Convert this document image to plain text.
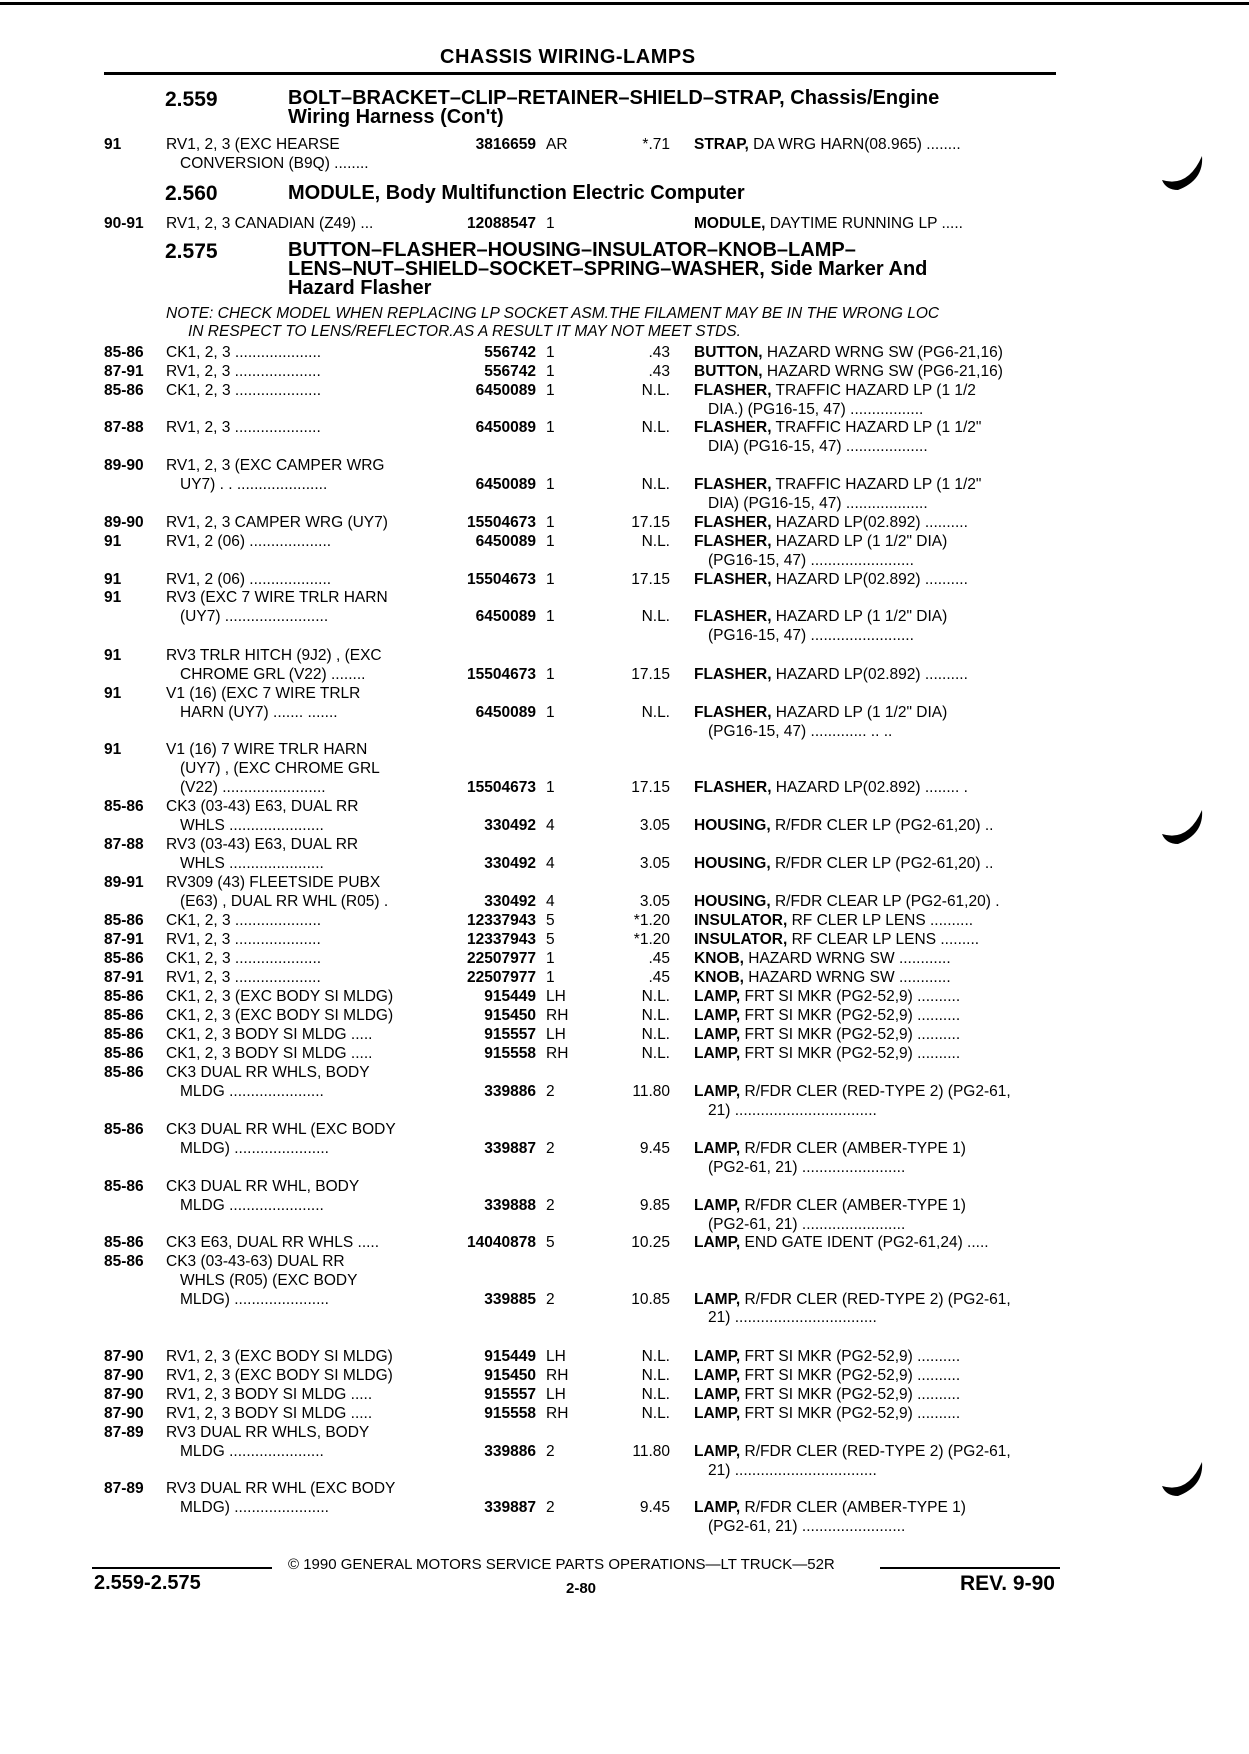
CHASSIS WIRING-LAMPS
2.559	BOLT–BRACKET–CLIP–RETAINER–SHIELD–STRAP, Chassis/Engine
Wiring Harness (Con't)
2.560	MODULE, Body Multifunction Electric Computer
2.575	BUTTON–FLASHER–HOUSING–INSULATOR–KNOB–LAMP–
LENS–NUT–SHIELD–SOCKET–SPRING–WASHER, Side Marker And
Hazard Flasher
NOTE: CHECK MODEL WHEN REPLACING LP SOCKET ASM.THE FILAMENT MAY BE IN THE WRONG LOC
IN RESPECT TO LENS/REFLECTOR.AS A RESULT IT MAY NOT MEET STDS.
91	RV1, 2, 3 (EXC HEARSE
CONVERSION (B9Q) ........
3816659 AR	*.71 STRAP, DA WRG HARN(08.965) ........
90-91 RV1, 2, 3 CANADIAN (Z49) ...	12088547 1	MODULE, DAYTIME RUNNING LP .....
85-86 CK1, 2, 3 ....................	556742 1	.43 BUTTON, HAZARD WRNG SW (PG6-21,16)
87-91 RV1, 2, 3 ....................	556742 1	.43 BUTTON, HAZARD WRNG SW (PG6-21,16)
85-86 CK1, 2, 3 ....................	6450089 1	N.L. FLASHER, TRAFFIC HAZARD LP (1 1/2
DIA.) (PG16-15, 47) .................
87-88 RV1, 2, 3 ....................	6450089 1	N.L. FLASHER, TRAFFIC HAZARD LP (1 1/2"
DIA) (PG16-15, 47) ...................
89-90 RV1, 2, 3 (EXC CAMPER WRG
UY7) . . .....................	6450089 1	N.L. FLASHER, TRAFFIC HAZARD LP (1 1/2"
DIA) (PG16-15, 47) ...................
89-90 RV1, 2, 3 CAMPER WRG (UY7)	15504673 1	17.15 FLASHER, HAZARD LP(02.892) ..........
91	RV1, 2 (06) ...................	6450089 1	N.L. FLASHER, HAZARD LP (1 1/2" DIA)
(PG16-15, 47) ........................
91	RV1, 2 (06) ...................	15504673 1	17.15 FLASHER, HAZARD LP(02.892) ..........
91	RV3 (EXC 7 WIRE TRLR HARN
(UY7) ........................	6450089 1	N.L. FLASHER, HAZARD LP (1 1/2" DIA)
(PG16-15, 47) ........................
91	RV3 TRLR HITCH (9J2) , (EXC
CHROME GRL (V22) ........	15504673 1	17.15 FLASHER, HAZARD LP(02.892) ..........
91	V1 (16) (EXC 7 WIRE TRLR
HARN (UY7) ....... .......	6450089 1	N.L. FLASHER, HAZARD LP (1 1/2" DIA)
(PG16-15, 47) ............. .. ..
91	V1 (16) 7 WIRE TRLR HARN
(UY7) , (EXC CHROME GRL
(V22) ........................	15504673 1	17.15 FLASHER, HAZARD LP(02.892) ........ .
85-86 CK3 (03-43) E63, DUAL RR
WHLS ......................	330492 4	3.05 HOUSING, R/FDR CLER LP (PG2-61,20) ..
87-88 RV3 (03-43) E63, DUAL RR
WHLS ......................	330492 4	3.05 HOUSING, R/FDR CLER LP (PG2-61,20) ..
89-91 RV309 (43) FLEETSIDE PUBX
(E63) , DUAL RR WHL (R05) .	330492 4	3.05 HOUSING, R/FDR CLEAR LP (PG2-61,20) .
85-86 CK1, 2, 3 ....................	12337943 5	*1.20 INSULATOR, RF CLER LP LENS ..........
87-91 RV1, 2, 3 ....................	12337943 5	*1.20 INSULATOR, RF CLEAR LP LENS .........
85-86 CK1, 2, 3 ....................	22507977 1	.45 KNOB, HAZARD WRNG SW ............
87-91 RV1, 2, 3 ....................	22507977 1	.45 KNOB, HAZARD WRNG SW ............
85-86 CK1, 2, 3 (EXC BODY SI MLDG)	915449 LH	N.L. LAMP, FRT SI MKR (PG2-52,9) ..........
85-86 CK1, 2, 3 (EXC BODY SI MLDG)	915450 RH	N.L. LAMP, FRT SI MKR (PG2-52,9) ..........
85-86 CK1, 2, 3 BODY SI MLDG .....	915557 LH	N.L. LAMP, FRT SI MKR (PG2-52,9) ..........
85-86 CK1, 2, 3 BODY SI MLDG .....	915558 RH	N.L. LAMP, FRT SI MKR (PG2-52,9) ..........
85-86 CK3 DUAL RR WHLS, BODY
MLDG ......................	339886 2	11.80 LAMP, R/FDR CLER (RED-TYPE 2) (PG2-61,
21) .................................
85-86 CK3 DUAL RR WHL (EXC BODY
MLDG) ......................	339887 2	9.45 LAMP, R/FDR CLER (AMBER-TYPE 1)
(PG2-61, 21) ........................
85-86 CK3 DUAL RR WHL, BODY
MLDG ......................	339888 2	9.85 LAMP, R/FDR CLER (AMBER-TYPE 1)
(PG2-61, 21) ........................
85-86 CK3 E63, DUAL RR WHLS .....	14040878 5	10.25 LAMP, END GATE IDENT (PG2-61,24) .....
85-86 CK3 (03-43-63) DUAL RR
WHLS (R05) (EXC BODY
MLDG) ......................	339885 2	10.85 LAMP, R/FDR CLER (RED-TYPE 2) (PG2-61,
21) .................................
87-90 RV1, 2, 3 (EXC BODY SI MLDG)	915449 LH	N.L. LAMP, FRT SI MKR (PG2-52,9) ..........
87-90 RV1, 2, 3 (EXC BODY SI MLDG)	915450 RH	N.L. LAMP, FRT SI MKR (PG2-52,9) ..........
87-90 RV1, 2, 3 BODY SI MLDG .....	915557 LH	N.L. LAMP, FRT SI MKR (PG2-52,9) ..........
87-90 RV1, 2, 3 BODY SI MLDG .....	915558 RH	N.L. LAMP, FRT SI MKR (PG2-52,9) ..........
87-89 RV3 DUAL RR WHLS, BODY
MLDG ......................	339886 2	11.80 LAMP, R/FDR CLER (RED-TYPE 2) (PG2-61,
21) .................................
87-89 RV3 DUAL RR WHL (EXC BODY
MLDG) ......................	339887 2	9.45 LAMP, R/FDR CLER (AMBER-TYPE 1)
(PG2-61, 21) ........................
© 1990 GENERAL MOTORS SERVICE PARTS OPERATIONS—LT TRUCK—52R
2.559-2.575	2-80	REV. 9-90
